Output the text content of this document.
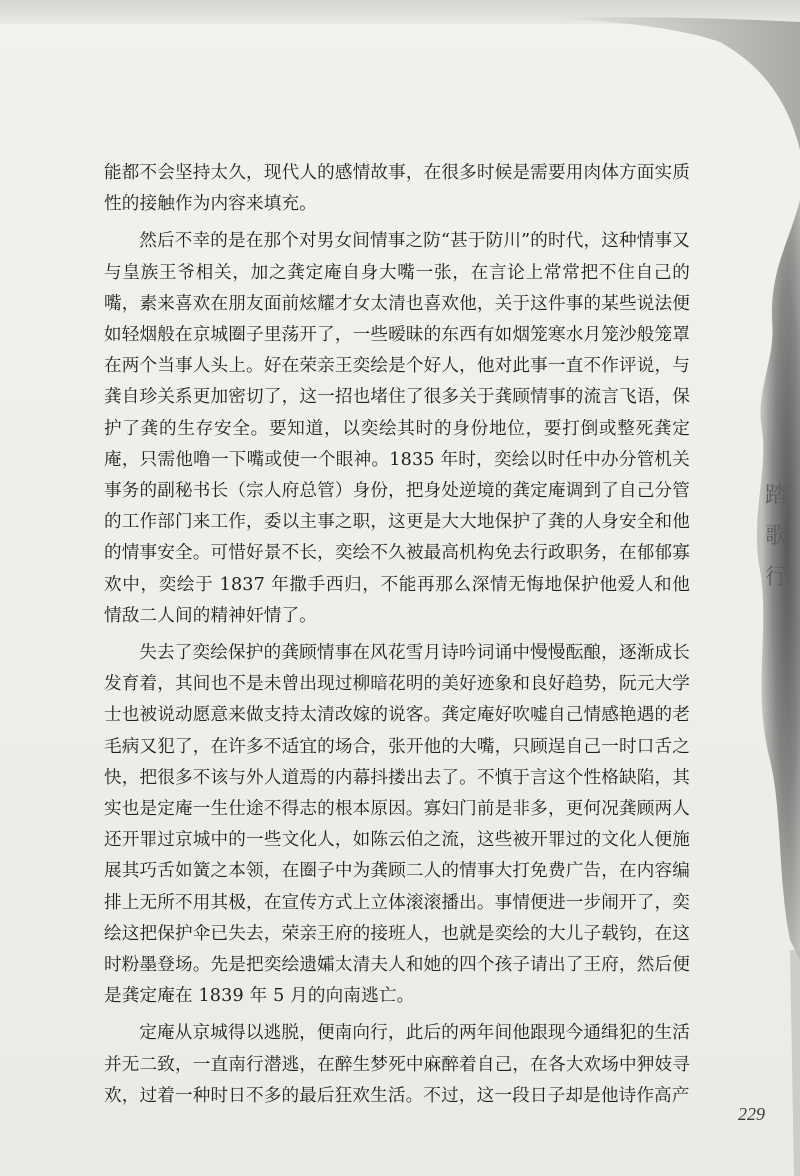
能都不会坚持太久，现代人的感情故事，在很多时候是需要用肉体方面实质性的接触作为内容来填充。

然后不幸的是在那个对男女间情事之防“甚于防川”的时代，这种情事又与皇族王爷相关，加之龚定庵自身大嘴一张，在言论上常常把不住自己的嘴，素来喜欢在朋友面前炫耀才女太清也喜欢他，关于这件事的某些说法便如轻烟般在京城圈子里荡开了，一些暧昧的东西有如烟笼寒水月笼沙般笼罩在两个当事人头上。好在荣亲王奕绘是个好人，他对此事一直不作评说，与龚自珍关系更加密切了，这一招也堵住了很多关于龚顾情事的流言飞语，保护了龚的生存安全。要知道，以奕绘其时的身份地位，要打倒或整死龚定庵，只需他噜一下嘴或使一个眼神。1835 年时，奕绘以时任中办分管机关事务的副秘书长（宗人府总管）身份，把身处逆境的龚定庵调到了自己分管的工作部门来工作，委以主事之职，这更是大大地保护了龚的人身安全和他的情事安全。可惜好景不长，奕绘不久被最高机构免去行政职务，在郁郁寡欢中，奕绘于 1837 年撒手西归，不能再那么深情无悔地保护他爱人和他情敌二人间的精神奸情了。

失去了奕绘保护的龚顾情事在风花雪月诗吟词诵中慢慢酝酿，逐渐成长发育着，其间也不是未曾出现过柳暗花明的美好迹象和良好趋势，阮元大学士也被说动愿意来做支持太清改嫁的说客。龚定庵好吹嘘自己情感艳遇的老毛病又犯了，在许多不适宜的场合，张开他的大嘴，只顾逞自己一时口舌之快，把很多不该与外人道焉的内幕抖搂出去了。不慎于言这个性格缺陷，其实也是定庵一生仕途不得志的根本原因。寡妇门前是非多，更何况龚顾两人还开罪过京城中的一些文化人，如陈云伯之流，这些被开罪过的文化人便施展其巧舌如簧之本领，在圈子中为龚顾二人的情事大打免费广告，在内容编排上无所不用其极，在宣传方式上立体滚滚播出。事情便进一步闹开了，奕绘这把保护伞已失去，荣亲王府的接班人，也就是奕绘的大儿子载钧，在这时粉墨登场。先是把奕绘遗孀太清夫人和她的四个孩子请出了王府，然后便是龚定庵在 1839 年 5 月的向南逃亡。

定庵从京城得以逃脱，便南向行，此后的两年间他跟现今通缉犯的生活并无二致，一直南行潜逃，在醉生梦死中麻醉着自己，在各大欢场中狎妓寻欢，过着一种时日不多的最后狂欢生活。不过，这一段日子却是他诗作高产

踏
歌
行
229
